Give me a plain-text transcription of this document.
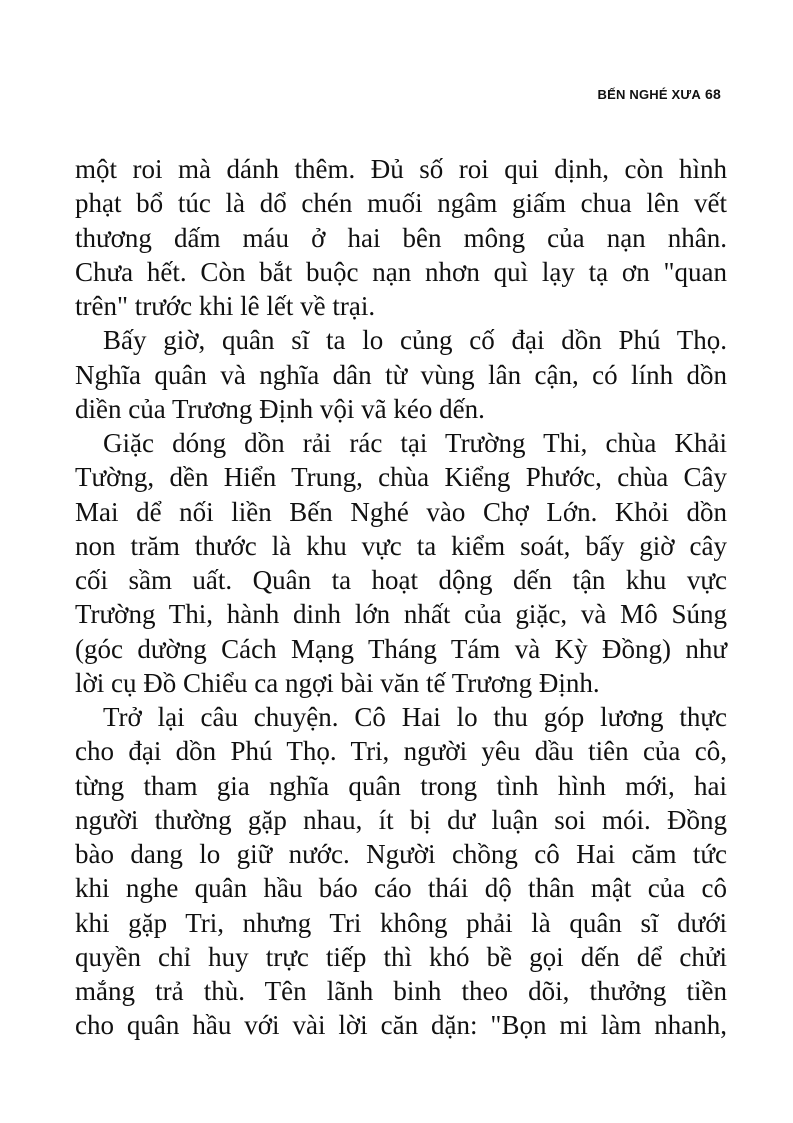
BẾN NGHÉ XƯA 68

một roi mà dánh thêm. Đủ số roi qui dịnh, còn hình
phạt bổ túc là dổ chén muối ngâm giấm chua lên vết
thương dấm máu ở hai bên mông của nạn nhân.
Chưa hết. Còn bắt buộc nạn nhơn quì lạy tạ ơn "quan
trên" trước khi lê lết về trại.

Bấy giờ, quân sĩ ta lo củng cố đại dồn Phú Thọ.
Nghĩa quân và nghĩa dân từ vùng lân cận, có lính dồn
diền của Trương Định vội vã kéo dến.

Giặc dóng dồn rải rác tại Trường Thi, chùa Khải
Tường, dền Hiển Trung, chùa Kiểng Phước, chùa Cây
Mai dể nối liền Bến Nghé vào Chợ Lớn. Khỏi dồn
non trăm thước là khu vực ta kiểm soát, bấy giờ cây
cối sầm uất. Quân ta hoạt dộng dến tận khu vực
Trường Thi, hành dinh lớn nhất của giặc, và Mô Súng
(góc dường Cách Mạng Tháng Tám và Kỳ Đồng) như
lời cụ Đồ Chiểu ca ngợi bài văn tế Trương Định.

Trở lại câu chuyện. Cô Hai lo thu góp lương thực
cho đại dồn Phú Thọ. Tri, người yêu dầu tiên của cô,
từng tham gia nghĩa quân trong tình hình mới, hai
người thường gặp nhau, ít bị dư luận soi mói. Đồng
bào dang lo giữ nước. Người chồng cô Hai căm tức
khi nghe quân hầu báo cáo thái dộ thân mật của cô
khi gặp Tri, nhưng Tri không phải là quân sĩ dưới
quyền chỉ huy trực tiếp thì khó bề gọi dến dể chửi
mắng trả thù. Tên lãnh binh theo dõi, thưởng tiền
cho quân hầu với vài lời căn dặn: "Bọn mi làm nhanh,
